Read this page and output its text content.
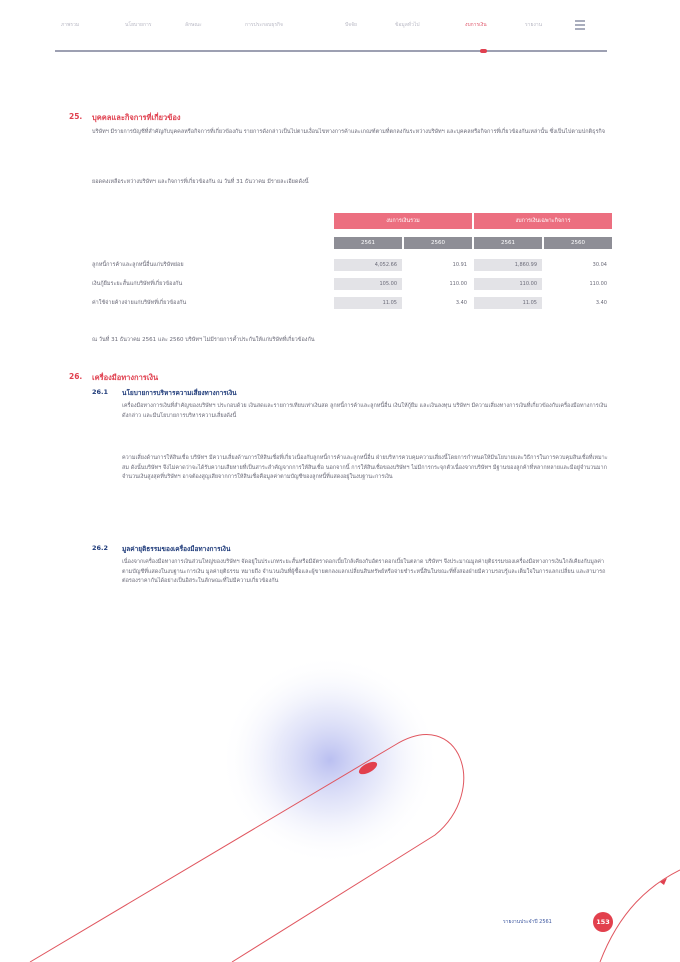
ภาพรวม	นโยบายการ	ลักษณะ	การประกอบธุรกิจ	ปัจจัย	ข้อมูลทั่วไป	งบการเงิน	รายงาน
25. บุคคลและกิจการที่เกี่ยวข้อง

บริษัทฯ มีรายการบัญชีที่สำคัญกับบุคคลหรือกิจการที่เกี่ยวข้องกัน รายการดังกล่าวเป็นไปตามเงื่อนไขทางการค้าและเกณฑ์ตามที่ตกลงกันระหว่างบริษัทฯ และบุคคลหรือกิจการที่เกี่ยวข้องกันเหล่านั้น ซึ่งเป็นไปตามปกติธุรกิจ

ยอดคงเหลือระหว่างบริษัทฯ และกิจการที่เกี่ยวข้องกัน ณ วันที่ 31 ธันวาคม มีรายละเอียดดังนี้

งบการเงินรวม	งบการเงินเฉพาะกิจการ
2561	2560	2561	2560
ลูกหนี้การค้าและลูกหนี้อื่นแก่บริษัทย่อย	4,052.66	10.91	1,860.99	30.04
เงินกู้ยืมระยะสั้นแก่บริษัทที่เกี่ยวข้องกัน	105.00	110.00	110.00	110.00
ค่าใช้จ่ายค้างจ่ายแก่บริษัทที่เกี่ยวข้องกัน	11.05	3.40	11.05	3.40

ณ วันที่ 31 ธันวาคม 2561 และ 2560 บริษัทฯ ไม่มีรายการค้ำประกันให้แก่บริษัทที่เกี่ยวข้องกัน

26. เครื่องมือทางการเงิน
26.1 นโยบายการบริหารความเสี่ยงทางการเงิน

เครื่องมือทางการเงินที่สำคัญของบริษัทฯ ประกอบด้วย เงินสดและรายการเทียบเท่าเงินสด ลูกหนี้การค้าและลูกหนี้อื่น เงินให้กู้ยืม และเงินลงทุน บริษัทฯ มีความเสี่ยงทางการเงินที่เกี่ยวข้องกับเครื่องมือทางการเงินดังกล่าว และมีนโยบายการบริหารความเสี่ยงดังนี้

ความเสี่ยงด้านการให้สินเชื่อ บริษัทฯ มีความเสี่ยงด้านการให้สินเชื่อที่เกี่ยวเนื่องกับลูกหนี้การค้าและลูกหนี้อื่น ฝ่ายบริหารควบคุมความเสี่ยงนี้โดยการกำหนดให้มีนโยบายและวิธีการในการควบคุมสินเชื่อที่เหมาะสม ดังนั้นบริษัทฯ จึงไม่คาดว่าจะได้รับความเสียหายที่เป็นสาระสำคัญจากการให้สินเชื่อ นอกจากนี้ การให้สินเชื่อของบริษัทฯ ไม่มีการกระจุกตัวเนื่องจากบริษัทฯ มีฐานของลูกค้าที่หลากหลายและมีอยู่จำนวนมาก จำนวนเงินสูงสุดที่บริษัทฯ อาจต้องสูญเสียจากการให้สินเชื่อคือมูลค่าตามบัญชีของลูกหนี้ที่แสดงอยู่ในงบฐานะการเงิน

26.2 มูลค่ายุติธรรมของเครื่องมือทางการเงิน

เนื่องจากเครื่องมือทางการเงินส่วนใหญ่ของบริษัทฯ จัดอยู่ในประเภทระยะสั้นหรือมีอัตราดอกเบี้ยใกล้เคียงกับอัตราดอกเบี้ยในตลาด บริษัทฯ จึงประมาณมูลค่ายุติธรรมของเครื่องมือทางการเงินใกล้เคียงกับมูลค่าตามบัญชีที่แสดงในงบฐานะการเงิน มูลค่ายุติธรรม หมายถึง จำนวนเงินที่ผู้ซื้อและผู้ขายตกลงแลกเปลี่ยนสินทรัพย์หรือจ่ายชำระหนี้สินในขณะที่ทั้งสองฝ่ายมีความรอบรู้และเต็มใจในการแลกเปลี่ยน และสามารถต่อรองราคากันได้อย่างเป็นอิสระในลักษณะที่ไม่มีความเกี่ยวข้องกัน

รายงานประจำปี 2561	153
